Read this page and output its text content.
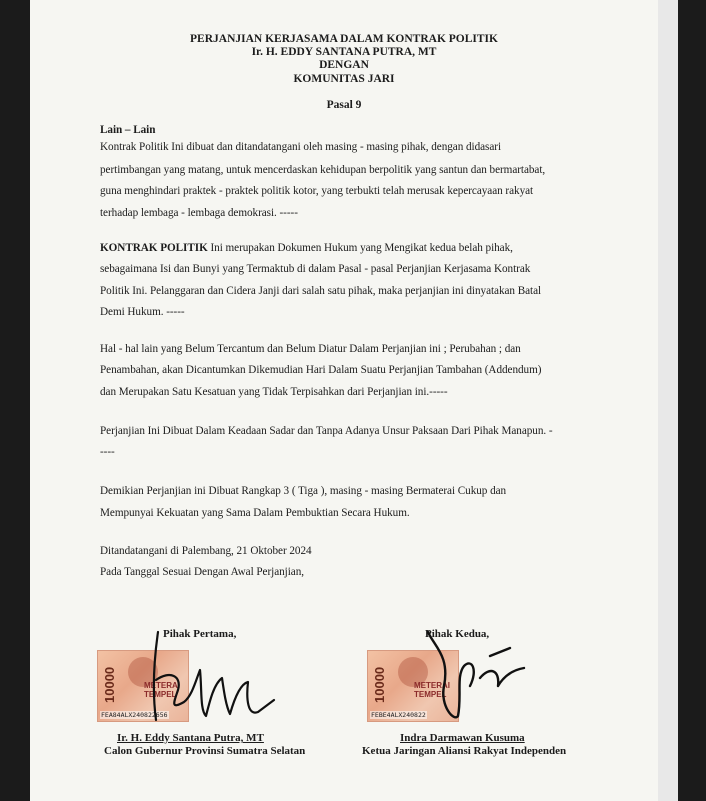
PERJANJIAN KERJASAMA DALAM KONTRAK POLITIK
Ir. H. EDDY SANTANA PUTRA, MT
DENGAN
KOMUNITAS JARI
Pasal 9
Lain – Lain
Kontrak Politik Ini dibuat dan ditandatangani oleh masing - masing pihak, dengan didasari
pertimbangan yang matang, untuk mencerdaskan kehidupan berpolitik yang santun dan bermartabat,
guna menghindari praktek - praktek politik kotor, yang terbukti telah merusak kepercayaan rakyat
terhadap lembaga - lembaga demokrasi. -----
KONTRAK POLITIK Ini merupakan Dokumen Hukum yang Mengikat kedua belah pihak,
sebagaimana Isi dan Bunyi yang Termaktub di dalam Pasal - pasal Perjanjian Kerjasama Kontrak
Politik Ini. Pelanggaran dan Cidera Janji dari salah satu pihak, maka perjanjian ini dinyatakan Batal
Demi Hukum. -----
Hal - hal lain yang Belum Tercantum dan Belum Diatur Dalam Perjanjian ini ; Perubahan ; dan
Penambahan, akan Dicantumkan Dikemudian Hari Dalam Suatu Perjanjian Tambahan (Addendum)
dan Merupakan Satu Kesatuan yang Tidak Terpisahkan dari Perjanjian ini.-----
Perjanjian Ini Dibuat Dalam Keadaan Sadar dan Tanpa Adanya Unsur Paksaan Dari Pihak Manapun. -
----
Demikian Perjanjian ini Dibuat Rangkap 3 ( Tiga ), masing - masing Bermaterai Cukup dan
Mempunyai Kekuatan yang Sama Dalam Pembuktian Secara Hukum.
Ditandatangani di Palembang, 21 Oktober 2024
Pada Tanggal Sesuai Dengan Awal Perjanjian,
Pihak Pertama,
10000	METERAI TEMPEL
FEA84ALX240822656
Ir. H. Eddy Santana Putra, MT
Calon Gubernur Provinsi Sumatra Selatan
Pihak Kedua,
10000	METERAI TEMPEL
FEBE4ALX240822
Indra Darmawan Kusuma
Ketua Jaringan Aliansi Rakyat Independen
